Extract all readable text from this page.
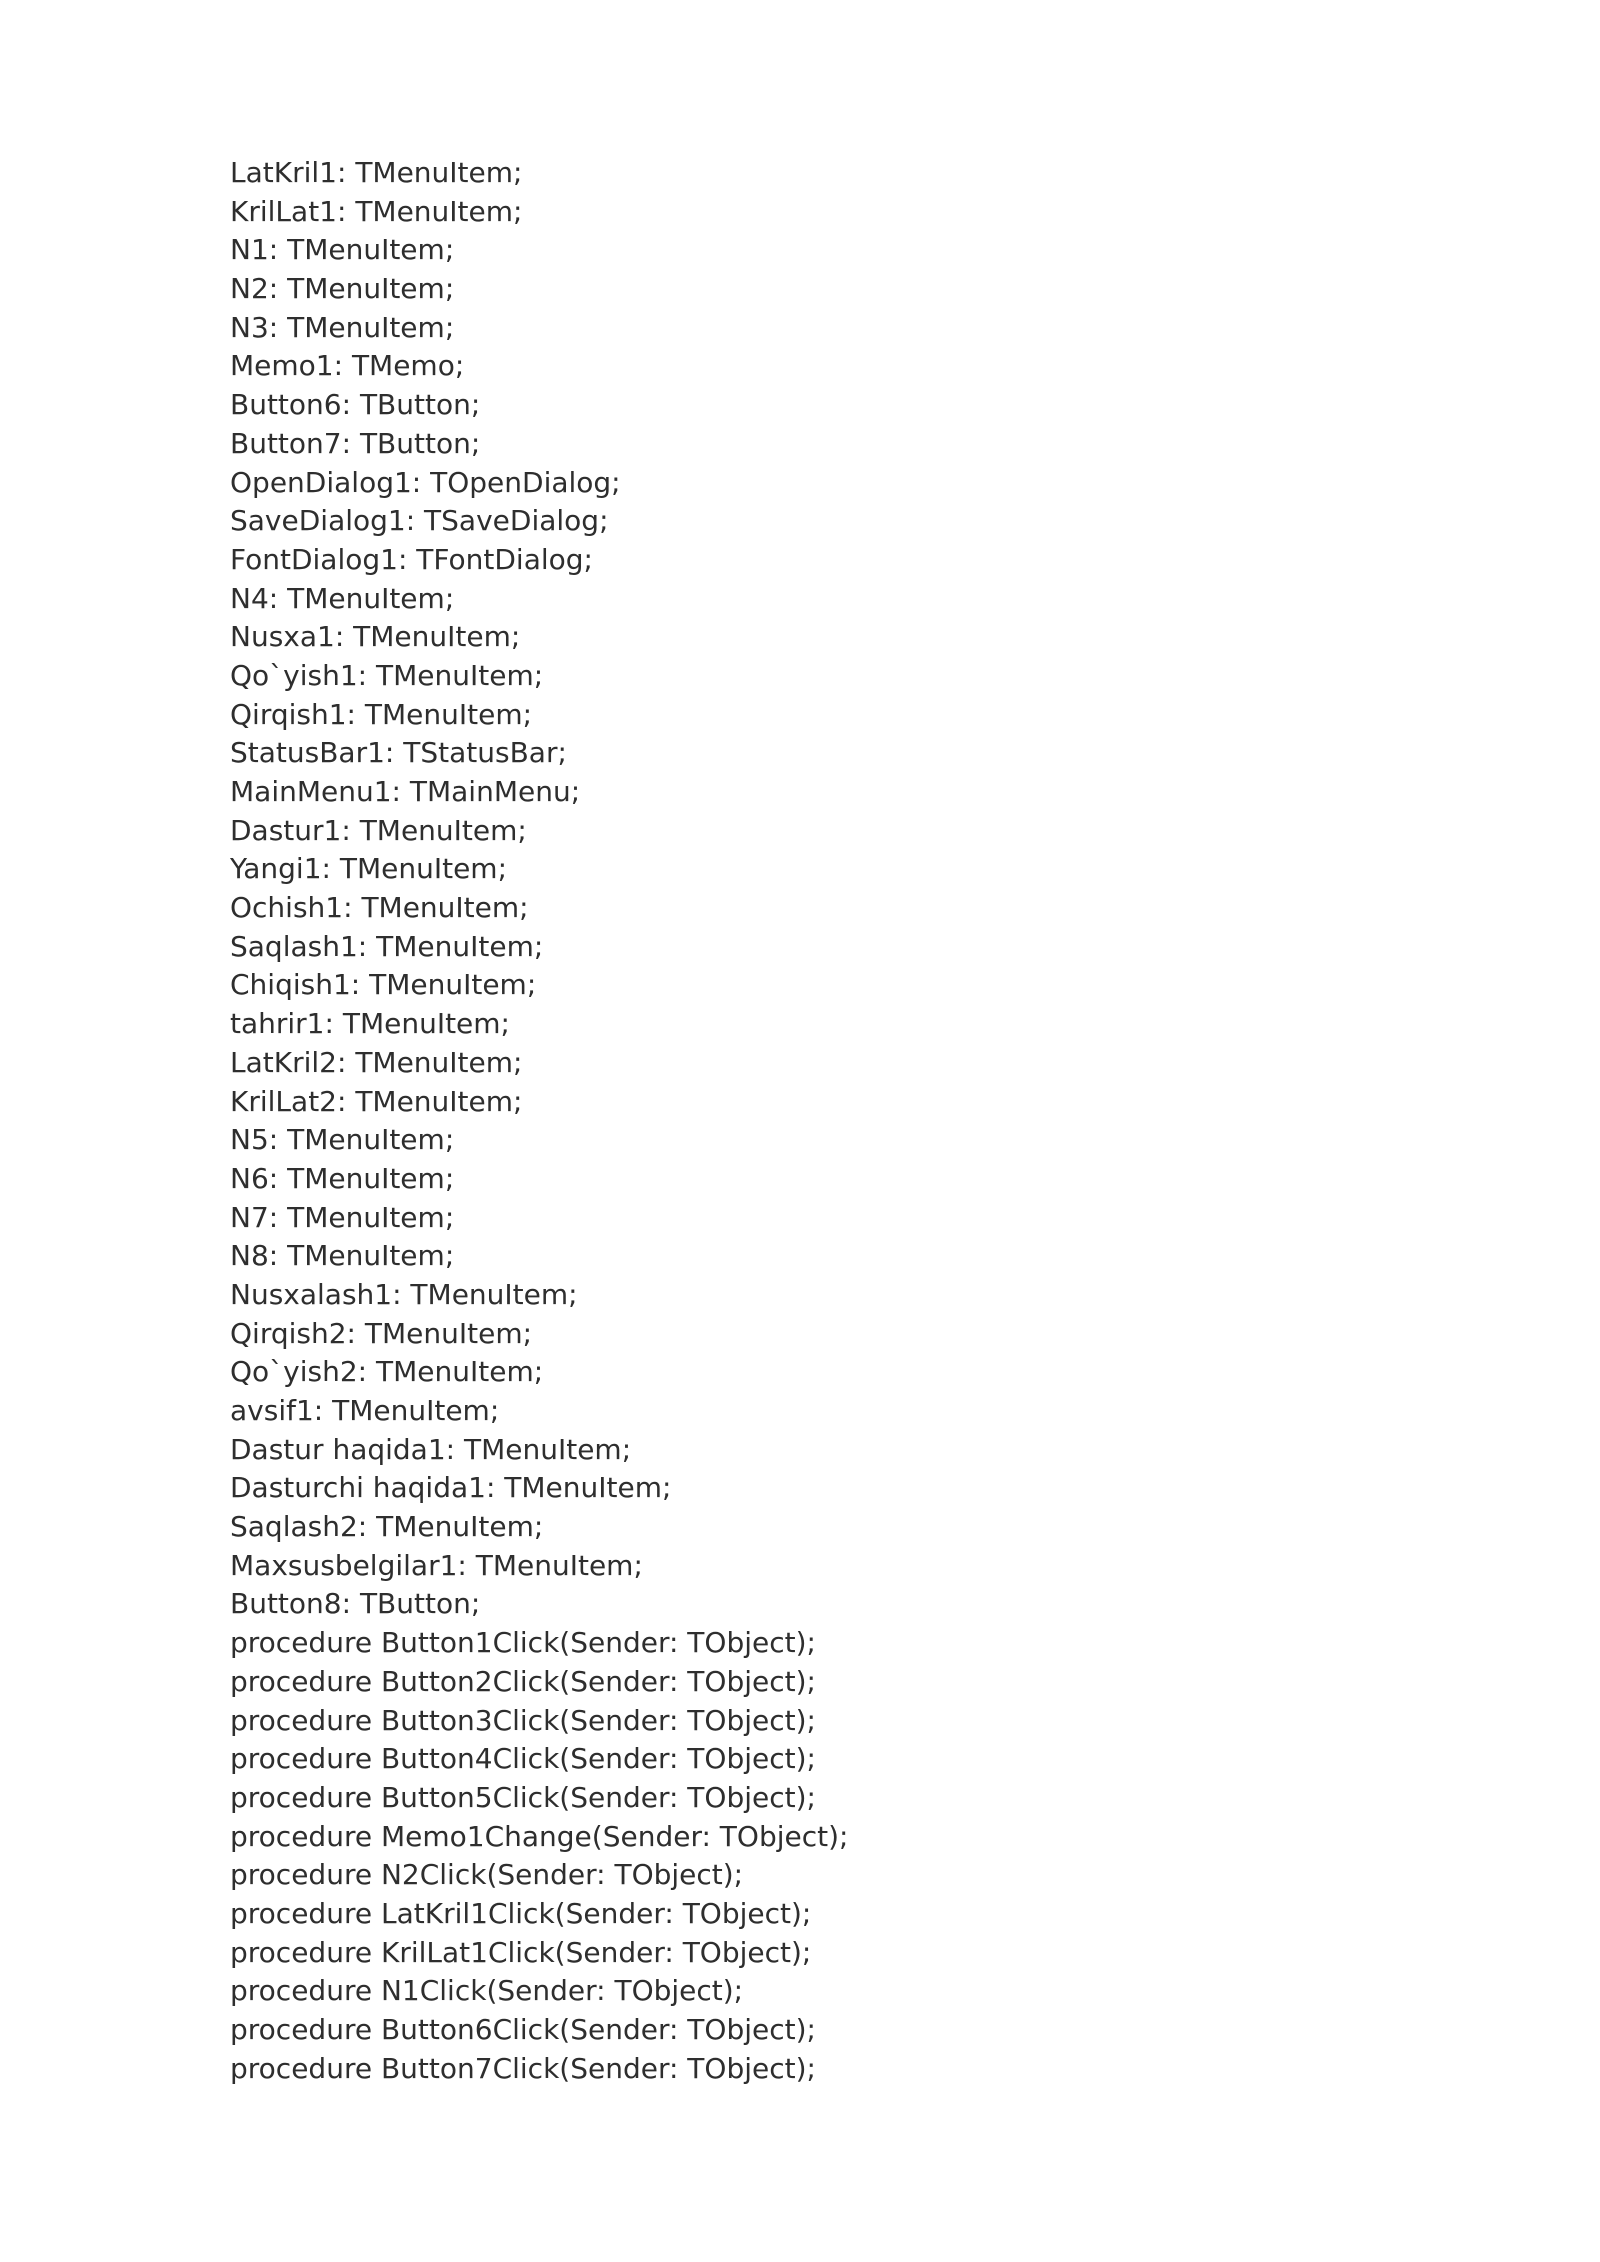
LatKril1: TMenuItem;
KrilLat1: TMenuItem;
N1: TMenuItem;
N2: TMenuItem;
N3: TMenuItem;
Memo1: TMemo;
Button6: TButton;
Button7: TButton;
OpenDialog1: TOpenDialog;
SaveDialog1: TSaveDialog;
FontDialog1: TFontDialog;
N4: TMenuItem;
Nusxa1: TMenuItem;
Qo`yish1: TMenuItem;
Qirqish1: TMenuItem;
StatusBar1: TStatusBar;
MainMenu1: TMainMenu;
Dastur1: TMenuItem;
Yangi1: TMenuItem;
Ochish1: TMenuItem;
Saqlash1: TMenuItem;
Chiqish1: TMenuItem;
tahrir1: TMenuItem;
LatKril2: TMenuItem;
KrilLat2: TMenuItem;
N5: TMenuItem;
N6: TMenuItem;
N7: TMenuItem;
N8: TMenuItem;
Nusxalash1: TMenuItem;
Qirqish2: TMenuItem;
Qo`yish2: TMenuItem;
avsif1: TMenuItem;
Dastur haqida1: TMenuItem;
Dasturchi haqida1: TMenuItem;
Saqlash2: TMenuItem;
Maxsusbelgilar1: TMenuItem;
Button8: TButton;
procedure Button1Click(Sender: TObject);
procedure Button2Click(Sender: TObject);
procedure Button3Click(Sender: TObject);
procedure Button4Click(Sender: TObject);
procedure Button5Click(Sender: TObject);
procedure Memo1Change(Sender: TObject);
procedure N2Click(Sender: TObject);
procedure LatKril1Click(Sender: TObject);
procedure KrilLat1Click(Sender: TObject);
procedure N1Click(Sender: TObject);
procedure Button6Click(Sender: TObject);
procedure Button7Click(Sender: TObject);
